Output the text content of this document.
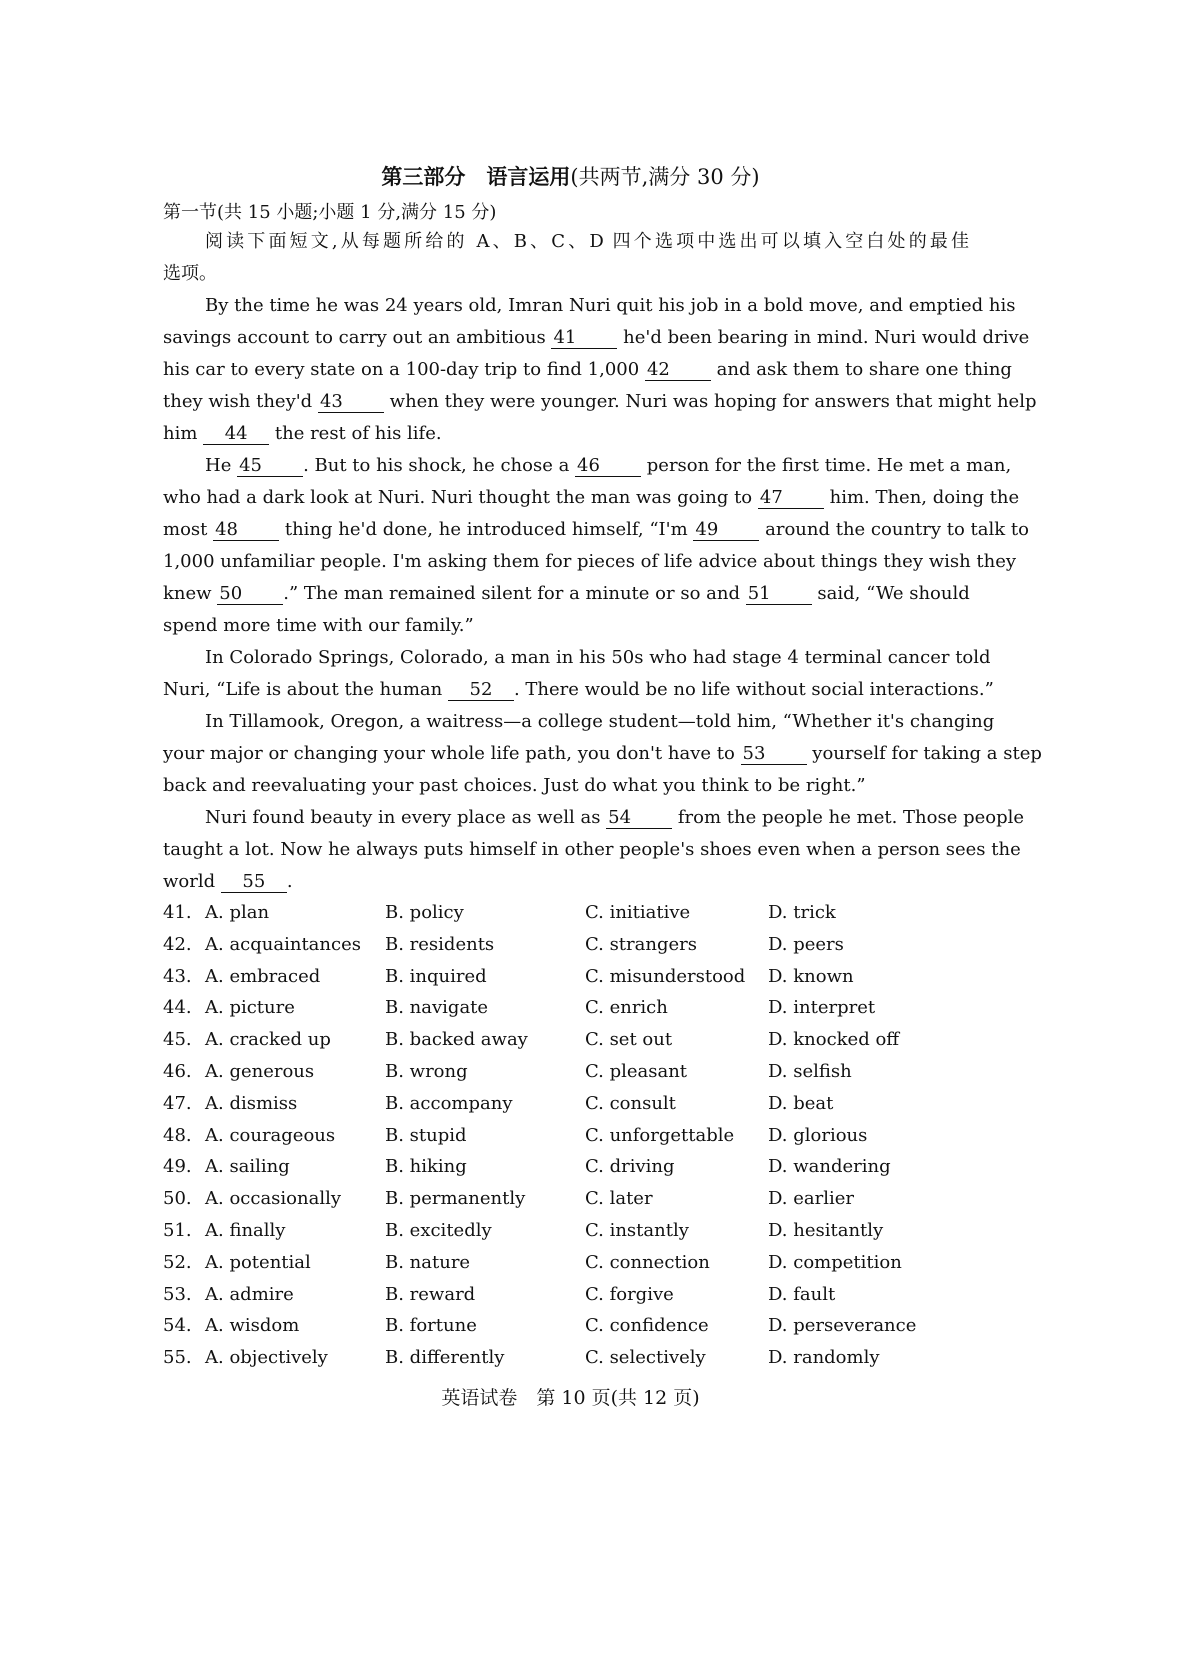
第三部分　语言运用(共两节,满分 30 分)
第一节(共 15 小题;小题 1 分,满分 15 分)
阅读下面短文,从每题所给的 A、B、C、D 四个选项中选出可以填入空白处的最佳
选项。
By the time he was 24 years old, Imran Nuri quit his job in a bold move, and emptied his
savings account to carry out an ambitious 41 he'd been bearing in mind. Nuri would drive
his car to every state on a 100-day trip to find 1,000 42 and ask them to share one thing
they wish they'd 43 when they were younger. Nuri was hoping for answers that might help
him 44 the rest of his life.
He 45 . But to his shock, he chose a 46 person for the first time. He met a man,
who had a dark look at Nuri. Nuri thought the man was going to 47 him. Then, doing the
most 48 thing he'd done, he introduced himself, “I'm 49 around the country to talk to
1,000 unfamiliar people. I'm asking them for pieces of life advice about things they wish they
knew 50 .” The man remained silent for a minute or so and 51 said, “We should
spend more time with our family.”
In Colorado Springs, Colorado, a man in his 50s who had stage 4 terminal cancer told
Nuri, “Life is about the human 52 . There would be no life without social interactions.”
In Tillamook, Oregon, a waitress—a college student—told him, “Whether it's changing
your major or changing your whole life path, you don't have to 53 yourself for taking a step
back and reevaluating your past choices. Just do what you think to be right.”
Nuri found beauty in every place as well as 54 from the people he met. Those people
taught a lot. Now he always puts himself in other people's shoes even when a person sees the
world 55 .
41. A. plan	B. policy	C. initiative	D. trick
42. A. acquaintances B. residents	C. strangers	D. peers
43. A. embraced	B. inquired	C. misunderstood D. known
44. A. picture	B. navigate	C. enrich	D. interpret
45. A. cracked up	B. backed away	C. set out	D. knocked off
46. A. generous	B. wrong	C. pleasant	D. selfish
47. A. dismiss	B. accompany	C. consult	D. beat
48. A. courageous	B. stupid	C. unforgettable D. glorious
49. A. sailing	B. hiking	C. driving	D. wandering
50. A. occasionally B. permanently	C. later	D. earlier
51. A. finally	B. excitedly	C. instantly	D. hesitantly
52. A. potential	B. nature	C. connection	D. competition
53. A. admire	B. reward	C. forgive	D. fault
54. A. wisdom	B. fortune	C. confidence	D. perseverance
55. A. objectively	B. differently	C. selectively	D. randomly
英语试卷　第 10 页(共 12 页)
